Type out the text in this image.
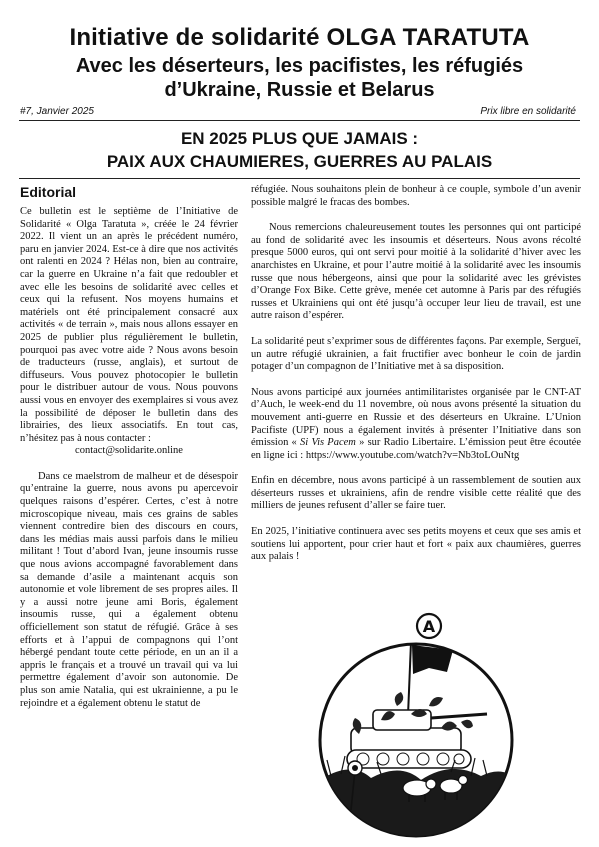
Initiative de solidarité OLGA TARATUTA
Avec les déserteurs, les pacifistes, les réfugiés
d’Ukraine, Russie et Belarus
#7, Janvier 2025	Prix libre en solidarité
EN 2025 PLUS QUE JAMAIS :
PAIX AUX CHAUMIERES, GUERRES AU PALAIS
Editorial

Ce bulletin est le septième de l’Initiative de Solidarité « Olga Taratuta », créée le 24 février 2022. Il vient un an après le précédent numéro, paru en janvier 2024. Est-ce à dire que nos activités ont ralenti en 2024 ? Hélas non, bien au contraire, car la guerre en Ukraine n’a fait que redoubler et avec elle les besoins de solidarité avec celles et ceux qui la refusent. Nos moyens humains et matériels ont été principalement consacré aux activités « de terrain », mais nous allons essayer en 2025 de publier plus régulièrement le bulletin, pourquoi pas avec votre aide ? Nous avons besoin de traducteurs (russe, anglais), et surtout de diffuseurs. Vous pouvez photocopier le bulletin pour le distribuer autour de vous. Nous pouvons aussi vous en envoyer des exemplaires si vous avez la possibilité de déposer le bulletin dans des librairies, des lieux associatifs. En tout cas, n’hésitez pas à nous contacter :

contact@solidarite.online

Dans ce maelstrom de malheur et de désespoir qu’entraine la guerre, nous avons pu apercevoir quelques raisons d’espérer. Certes, c’est à notre microscopique niveau, mais ces grains de sables viennent contredire bien des discours en cours, dans les médias mais aussi parfois dans le milieu militant ! Tout d’abord Ivan, jeune insoumis russe que nous avions accompagné favorablement dans sa demande d’asile a maintenant acquis son autonomie et vole librement de ses propres ailes. Il y a aussi notre jeune ami Boris, également insoumis russe, qui a également obtenu officiellement son statut de réfugié. Grâce à ses efforts et à l’appui de compagnons qui l’ont hébergé pendant toute cette période, en un an il a appris le français et a trouvé un travail qui va lui permettre également d’avoir son autonomie. De plus son amie Natalia, qui est ukrainienne, a pu le rejoindre et a également obtenu le statut de

réfugiée. Nous souhaitons plein de bonheur à ce couple, symbole d’un avenir possible malgré le fracas des bombes.

Nous remercions chaleureusement toutes les personnes qui ont participé au fond de solidarité avec les insoumis et déserteurs. Nous avons récolté presque 5000 euros, qui ont servi pour moitié à la solidarité d’hiver avec les anarchistes en Ukraine, et pour l’autre moitié à la solidarité avec les insoumis russe que nous hébergeons, ainsi que pour la solidarité avec les grévistes d’Orange Fox Bike. Cette grève, menée cet automne à Paris par des réfugiés russes et Ukrainiens qui ont été jusqu’à occuper leur lieu de travail, est une autre raison d’espérer.

La solidarité peut s’exprimer sous de différentes façons. Par exemple, Sergueï, un autre réfugié ukrainien, a fait fructifier avec bonheur le coin de jardin potager d’un compagnon de l’Initiative met à sa disposition.

Nous avons participé aux journées antimilitaristes organisée par le CNT-AT d’Auch, le week-end du 11 novembre, où nous avons présenté la situation du mouvement anti-guerre en Russie et des déserteurs en Ukraine. L’Union Pacifiste (UPF) nous a également invités à présenter l’Initiative dans son émission « Si Vis Pacem » sur Radio Libertaire. L’émission peut être écoutée en ligne ici : https://www.youtube.com/watch?v=Nb3toLOuNtg

Enfin en décembre, nous avons participé à un rassemblement de soutien aux déserteurs russes et ukrainiens, afin de rendre visible cette réalité que des milliers de jeunes refusent d’aller se faire tuer.

En 2025, l’initiative continuera avec ses petits moyens et ceux que ses amis et soutiens lui apportent, pour crier haut et fort « paix aux chaumières, guerres aux palais !

A
